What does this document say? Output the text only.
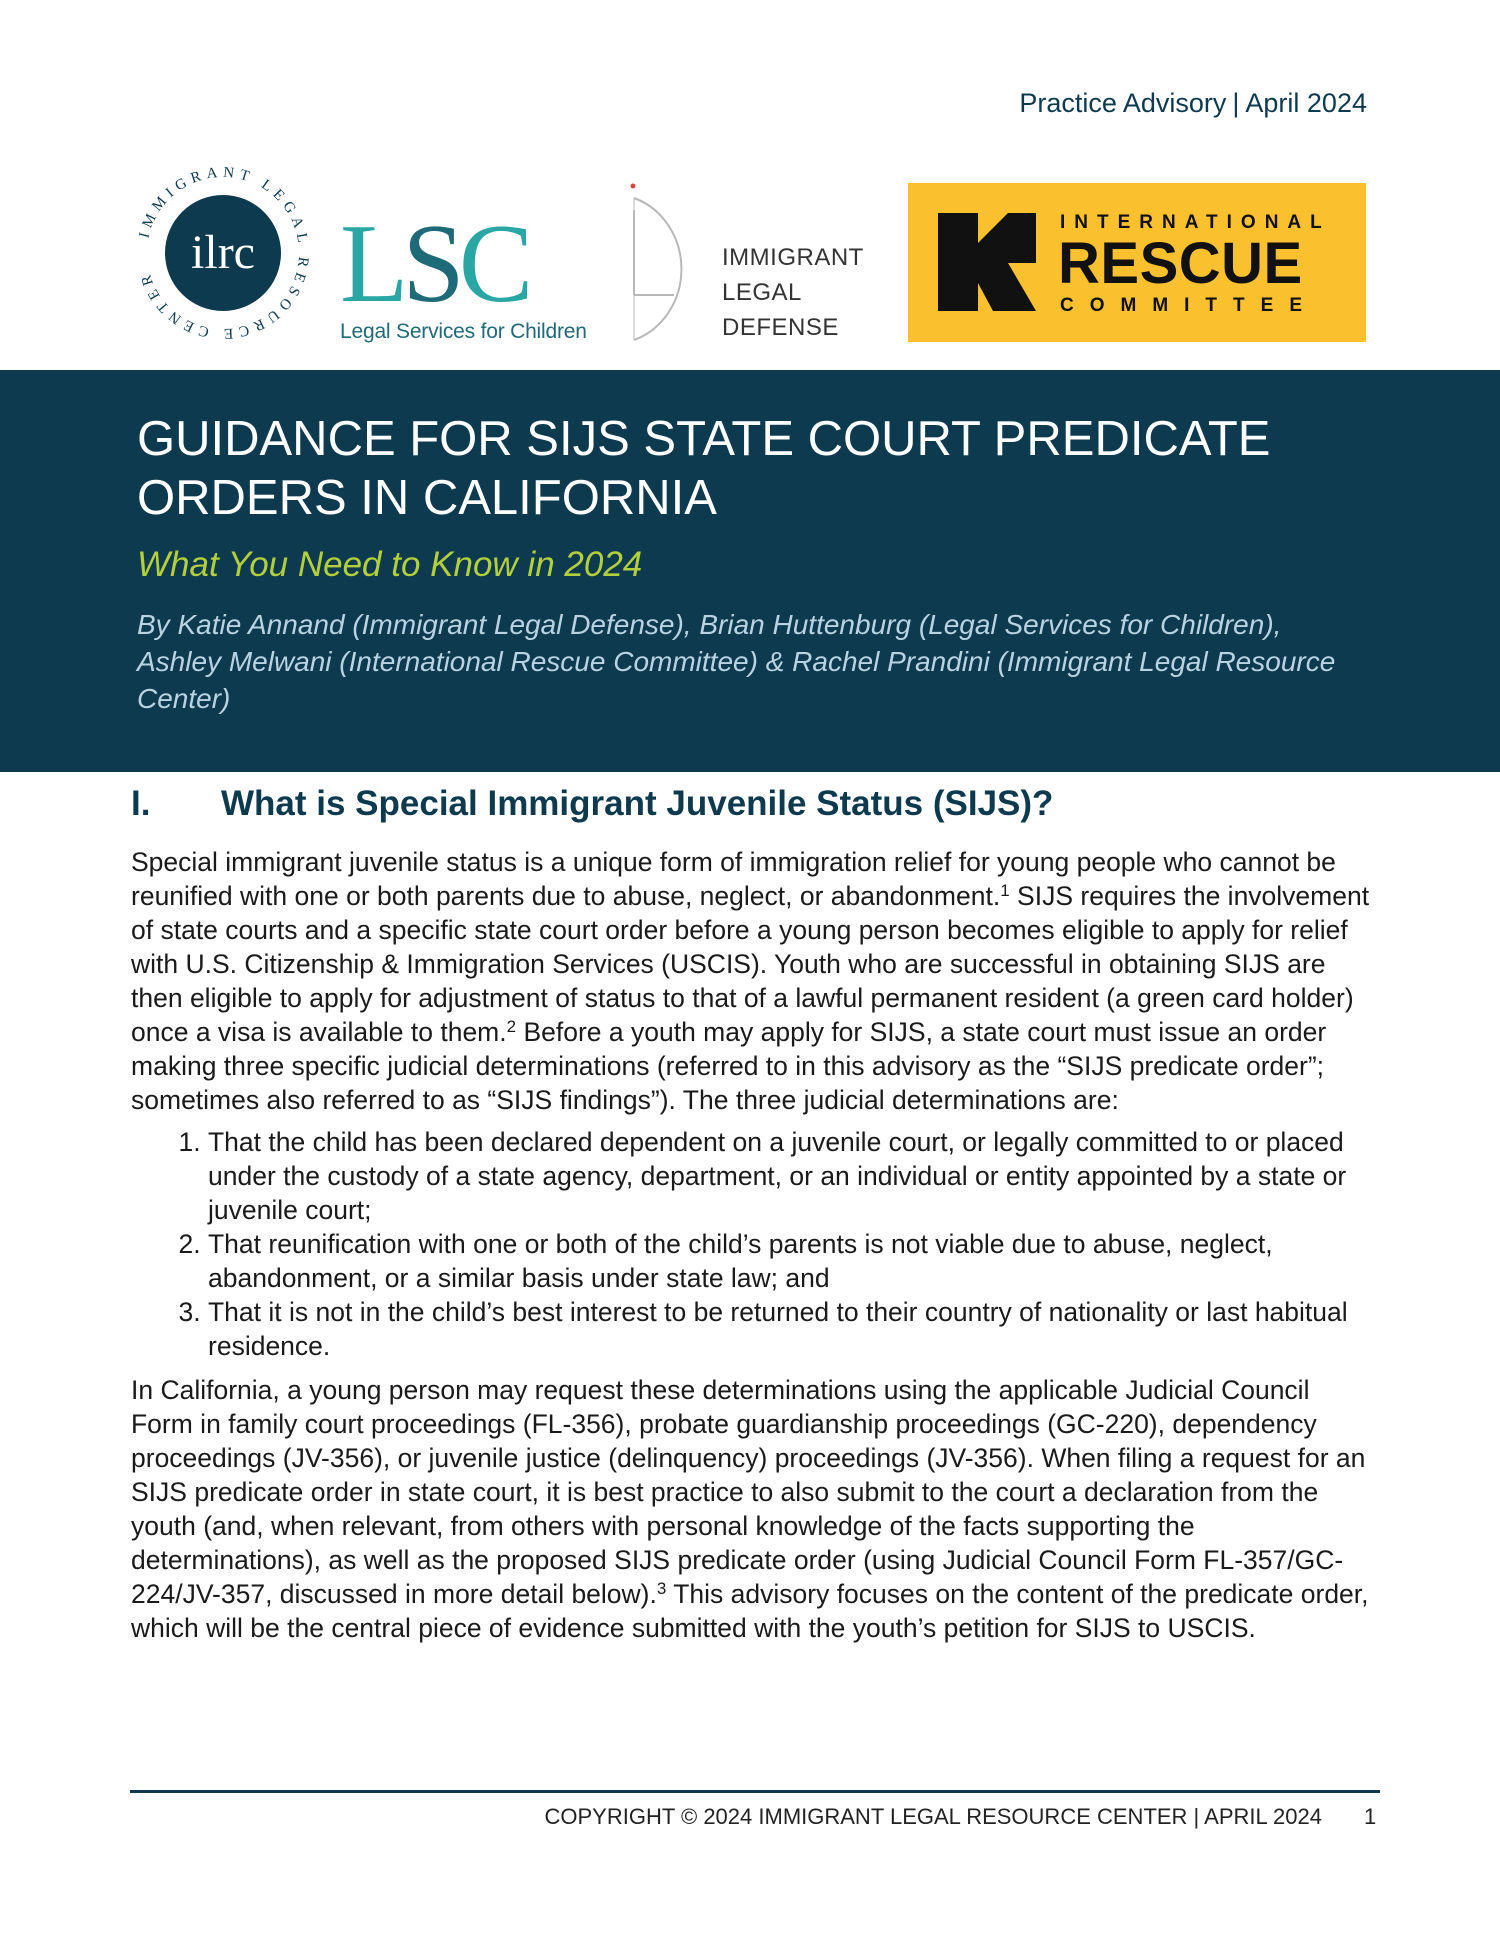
Practice Advisory | April 2024
IMMIGRANT LEGAL RESOURCE CENTER ilrc LSC
Legal Services for Children
IMMIGRANT
LEGAL
DEFENSE
INTERNATIONAL
RESCUE
COMMITTEE
GUIDANCE FOR SIJS STATE COURT PREDICATE ORDERS IN CALIFORNIA
What You Need to Know in 2024
By Katie Annand (Immigrant Legal Defense), Brian Huttenburg (Legal Services for Children), Ashley Melwani (International Rescue Committee) & Rachel Prandini (Immigrant Legal Resource Center)
I. What is Special Immigrant Juvenile Status (SIJS)?

Special immigrant juvenile status is a unique form of immigration relief for young people who cannot be reunified with one or both parents due to abuse, neglect, or abandonment.$^1$ SIJS requires the involvement of state courts and a specific state court order before a young person becomes eligible to apply for relief with U.S. Citizenship & Immigration Services (USCIS). Youth who are successful in obtaining SIJS are then eligible to apply for adjustment of status to that of a lawful permanent resident (a green card holder) once a visa is available to them.$^2$ Before a youth may apply for SIJS, a state court must issue an order making three specific judicial determinations (referred to in this advisory as the “SIJS predicate order”; sometimes also referred to as “SIJS findings”). The three judicial determinations are:

1. That the child has been declared dependent on a juvenile court, or legally committed to or placed under the custody of a state agency, department, or an individual or entity appointed by a state or juvenile court;
2. That reunification with one or both of the child’s parents is not viable due to abuse, neglect, abandonment, or a similar basis under state law; and
3. That it is not in the child’s best interest to be returned to their country of nationality or last habitual residence.

In California, a young person may request these determinations using the applicable Judicial Council Form in family court proceedings (FL-356), probate guardianship proceedings (GC-220), dependency proceedings (JV-356), or juvenile justice (delinquency) proceedings (JV-356). When filing a request for an SIJS predicate order in state court, it is best practice to also submit to the court a declaration from the youth (and, when relevant, from others with personal knowledge of the facts supporting the determinations), as well as the proposed SIJS predicate order (using Judicial Council Form FL-357/GC-224/JV-357, discussed in more detail below).$^3$ This advisory focuses on the content of the predicate order, which will be the central piece of evidence submitted with the youth’s petition for SIJS to USCIS.

COPYRIGHT © 2024 IMMIGRANT LEGAL RESOURCE CENTER | APRIL 2024 1
